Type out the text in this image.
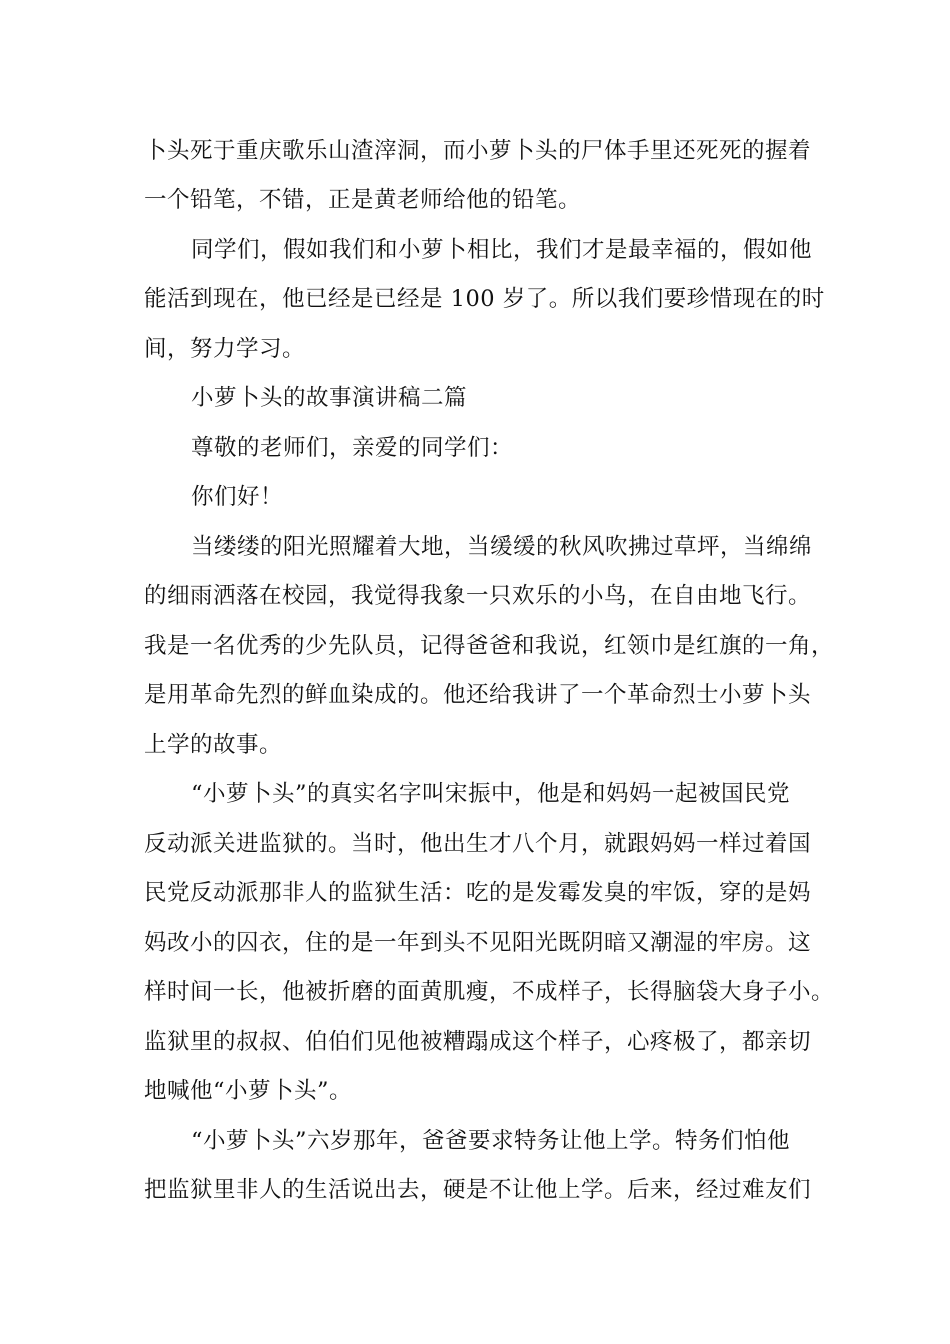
卜头死于重庆歌乐山渣滓洞，而小萝卜头的尸体手里还死死的握着
一个铅笔，不错，正是黄老师给他的铅笔。
同学们，假如我们和小萝卜相比，我们才是最幸福的，假如他
能活到现在，他已经是已经是 100 岁了。所以我们要珍惜现在的时
间，努力学习。
小萝卜头的故事演讲稿二篇
尊敬的老师们，亲爱的同学们：
你们好！
当缕缕的阳光照耀着大地，当缓缓的秋风吹拂过草坪，当绵绵
的细雨洒落在校园，我觉得我象一只欢乐的小鸟，在自由地飞行。
我是一名优秀的少先队员，记得爸爸和我说，红领巾是红旗的一角，
是用革命先烈的鲜血染成的。他还给我讲了一个革命烈士小萝卜头
上学的故事。
“小萝卜头”的真实名字叫宋振中，他是和妈妈一起被国民党
反动派关进监狱的。当时，他出生才八个月，就跟妈妈一样过着国
民党反动派那非人的监狱生活：吃的是发霉发臭的牢饭，穿的是妈
妈改小的囚衣，住的是一年到头不见阳光既阴暗又潮湿的牢房。这
样时间一长，他被折磨的面黄肌瘦，不成样子，长得脑袋大身子小。
监狱里的叔叔、伯伯们见他被糟蹋成这个样子，心疼极了，都亲切
地喊他“小萝卜头”。
“小萝卜头”六岁那年，爸爸要求特务让他上学。特务们怕他
把监狱里非人的生活说出去，硬是不让他上学。后来，经过难友们
